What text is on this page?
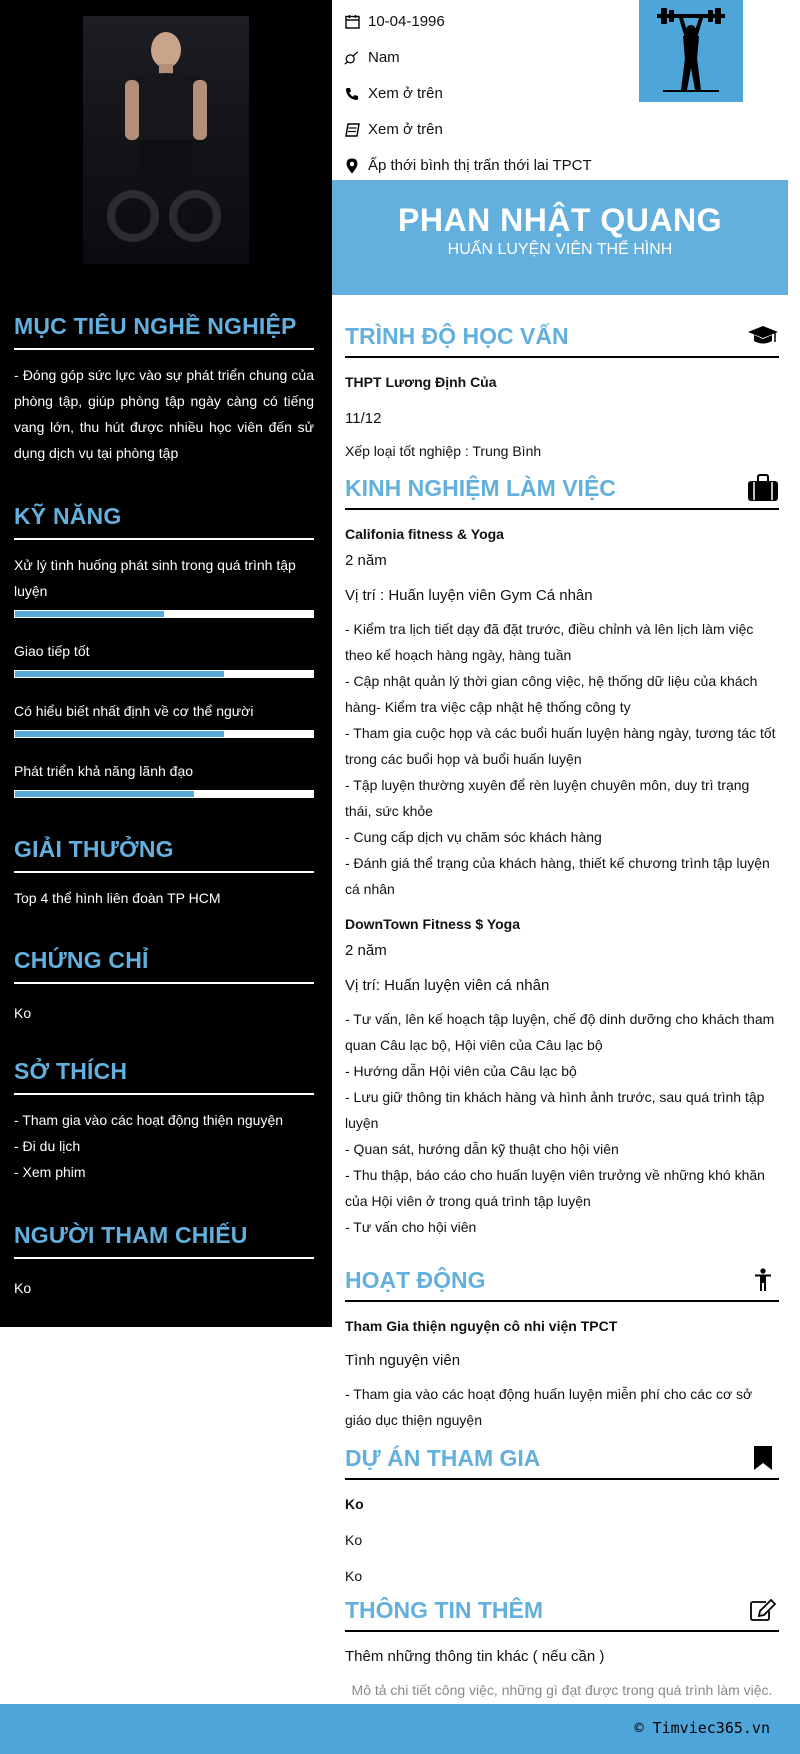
MỤC TIÊU NGHỀ NGHIỆP
- Đóng góp sức lực vào sự phát triển chung của phòng tập, giúp phòng tập ngày càng có tiếng vang lớn, thu hút được nhiều học viên đến sử dụng dịch vụ tại phòng tập
KỸ NĂNG
Xử lý tình huống phát sinh trong quá trình tập luyện
Giao tiếp tốt
Có hiểu biết nhất định về cơ thể người
Phát triển khả năng lãnh đạo
GIẢI THƯỞNG
Top 4 thể hình liên đoàn TP HCM
CHỨNG CHỈ
Ko
SỞ THÍCH
- Tham gia vào các hoạt động thiện nguyện
- Đi du lịch
- Xem phim
NGƯỜI THAM CHIẾU
Ko
10-04-1996
Nam
Xem ở trên
Xem ở trên
Ấp thới bình thị trấn thới lai TPCT
PHAN NHẬT QUANG
HUẤN LUYỆN VIÊN THỂ HÌNH
TRÌNH ĐỘ HỌC VẤN
THPT Lương Định Của
11/12
Xếp loại tốt nghiệp : Trung Bình
KINH NGHIỆM LÀM VIỆC
Califonia fitness & Yoga
2 năm
Vị trí : Huấn luyện viên Gym Cá nhân
- Kiểm tra lịch tiết dạy đã đặt trước, điều chỉnh và lên lịch làm việc theo kế hoạch hàng ngày, hàng tuần
- Cập nhật quản lý thời gian công việc, hệ thống dữ liệu của khách hàng- Kiểm tra việc cập nhật hệ thống công ty
- Tham gia cuộc họp và các buổi huấn luyện hàng ngày, tương tác tốt trong các buổi họp và buổi huấn luyện
- Tập luyện thường xuyên để rèn luyện chuyên môn, duy trì trạng thái, sức khỏe
- Cung cấp dịch vụ chăm sóc khách hàng
- Đánh giá thể trạng của khách hàng, thiết kế chương trình tập luyện cá nhân
DownTown Fitness $ Yoga
2 năm
Vị trí: Huấn luyện viên cá nhân
- Tư vấn, lên kế hoạch tập luyện, chế độ dinh dưỡng cho khách tham quan Câu lạc bộ, Hội viên của Câu lạc bộ
- Hướng dẫn Hội viên của Câu lạc bộ
- Lưu giữ thông tin khách hàng và hình ảnh trước, sau quá trình tập luyện
- Quan sát, hướng dẫn kỹ thuật cho hội viên
- Thu thập, báo cáo cho huấn luyện viên trưởng về những khó khăn của Hội viên ở trong quá trình tập luyện
- Tư vấn cho hội viên
HOẠT ĐỘNG
Tham Gia thiện nguyện cô nhi viện TPCT
Tình nguyện viên
- Tham gia vào các hoạt động huấn luyện miễn phí cho các cơ sở giáo dục thiện nguyện
DỰ ÁN THAM GIA
Ko
Ko
Ko
THÔNG TIN THÊM
Thêm những thông tin khác ( nếu cần )
Mô tả chi tiết công việc, những gì đạt được trong quá trình làm việc.
© Timviec365.vn
